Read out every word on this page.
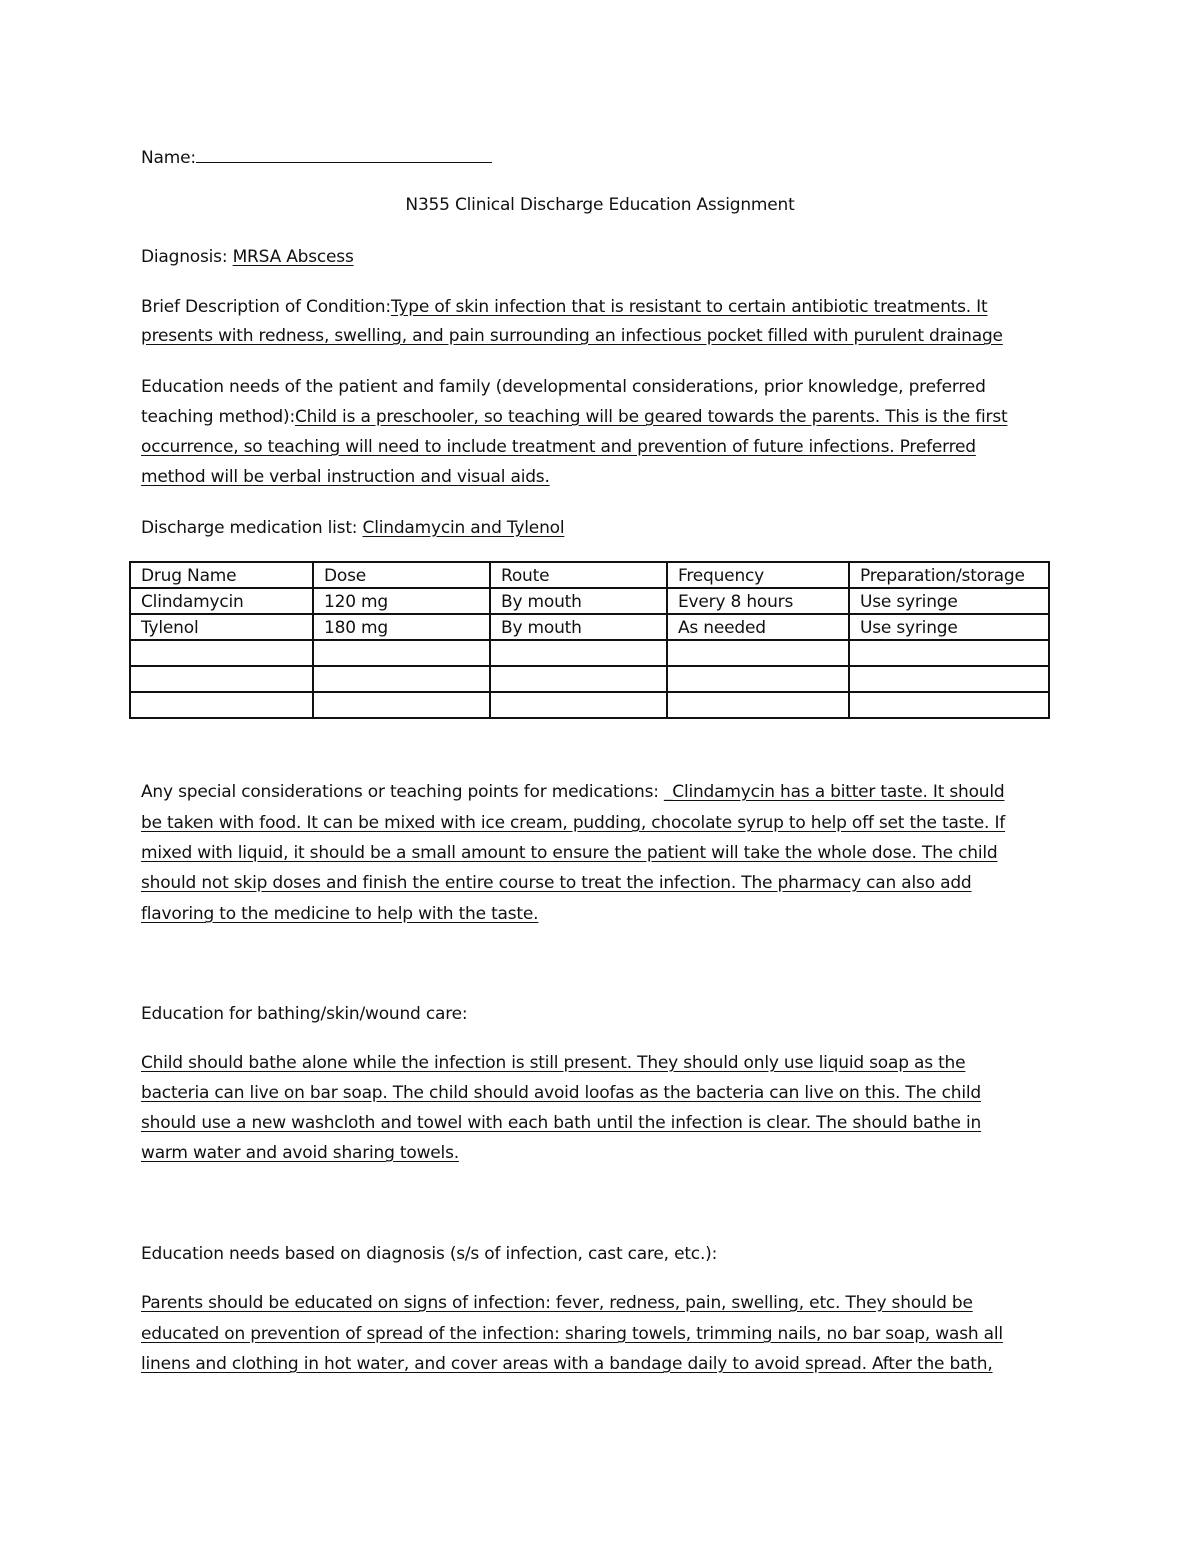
Name:
N355 Clinical Discharge Education Assignment
Diagnosis: MRSA Abscess
Brief Description of Condition:Type of skin infection that is resistant to certain antibiotic treatments. It
presents with redness, swelling, and pain surrounding an infectious pocket filled with purulent drainage
Education needs of the patient and family (developmental considerations, prior knowledge, preferred
teaching method):Child is a preschooler, so teaching will be geared towards the parents. This is the first
occurrence, so teaching will need to include treatment and prevention of future infections. Preferred
method will be verbal instruction and visual aids.
Discharge medication list: Clindamycin and Tylenol
Drug Name	Dose	Route	Frequency	Preparation/storage
Clindamycin	120 mg	By mouth	Every 8 hours	Use syringe
Tylenol	180 mg	By mouth	As needed	Use syringe

Any special considerations or teaching points for medications: _Clindamycin has a bitter taste. It should
be taken with food. It can be mixed with ice cream, pudding, chocolate syrup to help off set the taste. If
mixed with liquid, it should be a small amount to ensure the patient will take the whole dose. The child
should not skip doses and finish the entire course to treat the infection. The pharmacy can also add
flavoring to the medicine to help with the taste.
Education for bathing/skin/wound care:
Child should bathe alone while the infection is still present. They should only use liquid soap as the
bacteria can live on bar soap. The child should avoid loofas as the bacteria can live on this. The child
should use a new washcloth and towel with each bath until the infection is clear. The should bathe in
warm water and avoid sharing towels.
Education needs based on diagnosis (s/s of infection, cast care, etc.):
Parents should be educated on signs of infection: fever, redness, pain, swelling, etc. They should be
educated on prevention of spread of the infection: sharing towels, trimming nails, no bar soap, wash all
linens and clothing in hot water, and cover areas with a bandage daily to avoid spread. After the bath,
